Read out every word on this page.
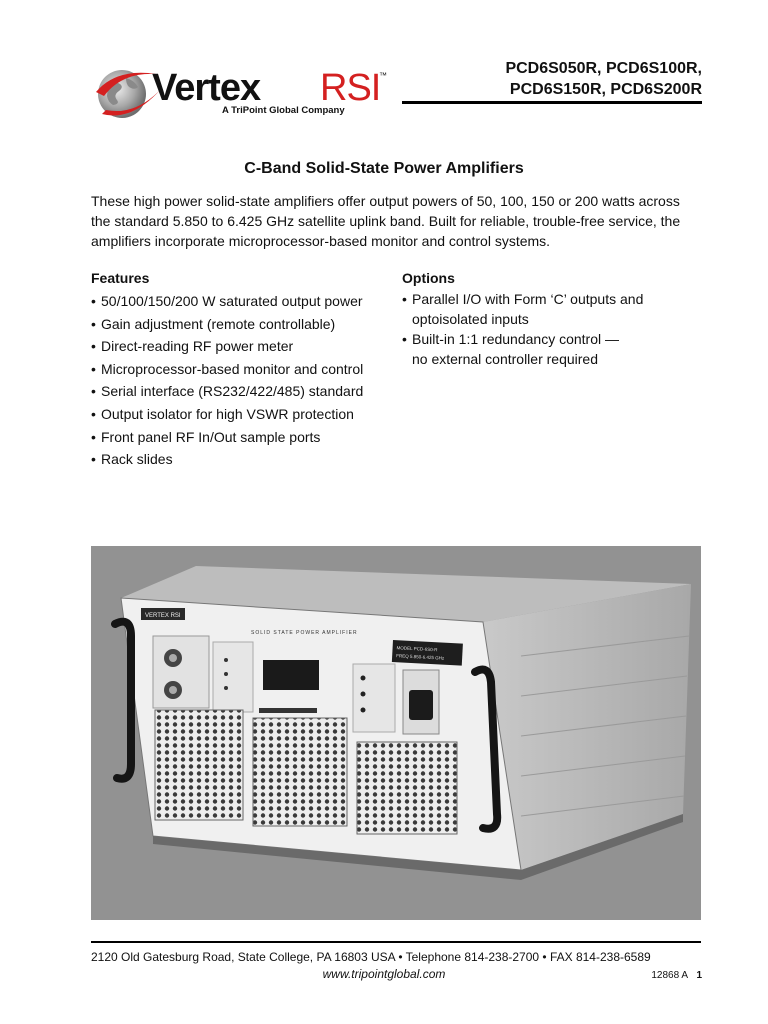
Vertex RSI
™
A TriPoint Global Company
PCD6S050R, PCD6S100R,
PCD6S150R, PCD6S200R
C-Band Solid-State Power Amplifiers

These high power solid-state amplifiers offer output powers of 50, 100, 150 or 200 watts across the standard 5.850 to 6.425 GHz satellite uplink band. Built for reliable, trouble-free service, the amplifiers incorporate microprocessor-based monitor and control systems.

Features
• 50/100/150/200 W saturated output power
• Gain adjustment (remote controllable)
• Direct-reading RF power meter
• Microprocessor-based monitor and control
• Serial interface (RS232/422/485) standard
• Output isolator for high VSWR protection
• Front panel RF In/Out sample ports
• Rack slides
Options
• Parallel I/O with Form ‘C’ outputs and
optoisolated inputs
• Built-in 1:1 redundancy control —
no external controller required
VERTEX RSI
SOLID STATE POWER AMPLIFIER
MODEL PCD-6S0-R
FREQ 5.850-6.425 GHz
2120 Old Gatesburg Road, State College, PA 16803 USA • Telephone 814-238-2700 • FAX 814-238-6589
www.tripointglobal.com	12868 A 1
